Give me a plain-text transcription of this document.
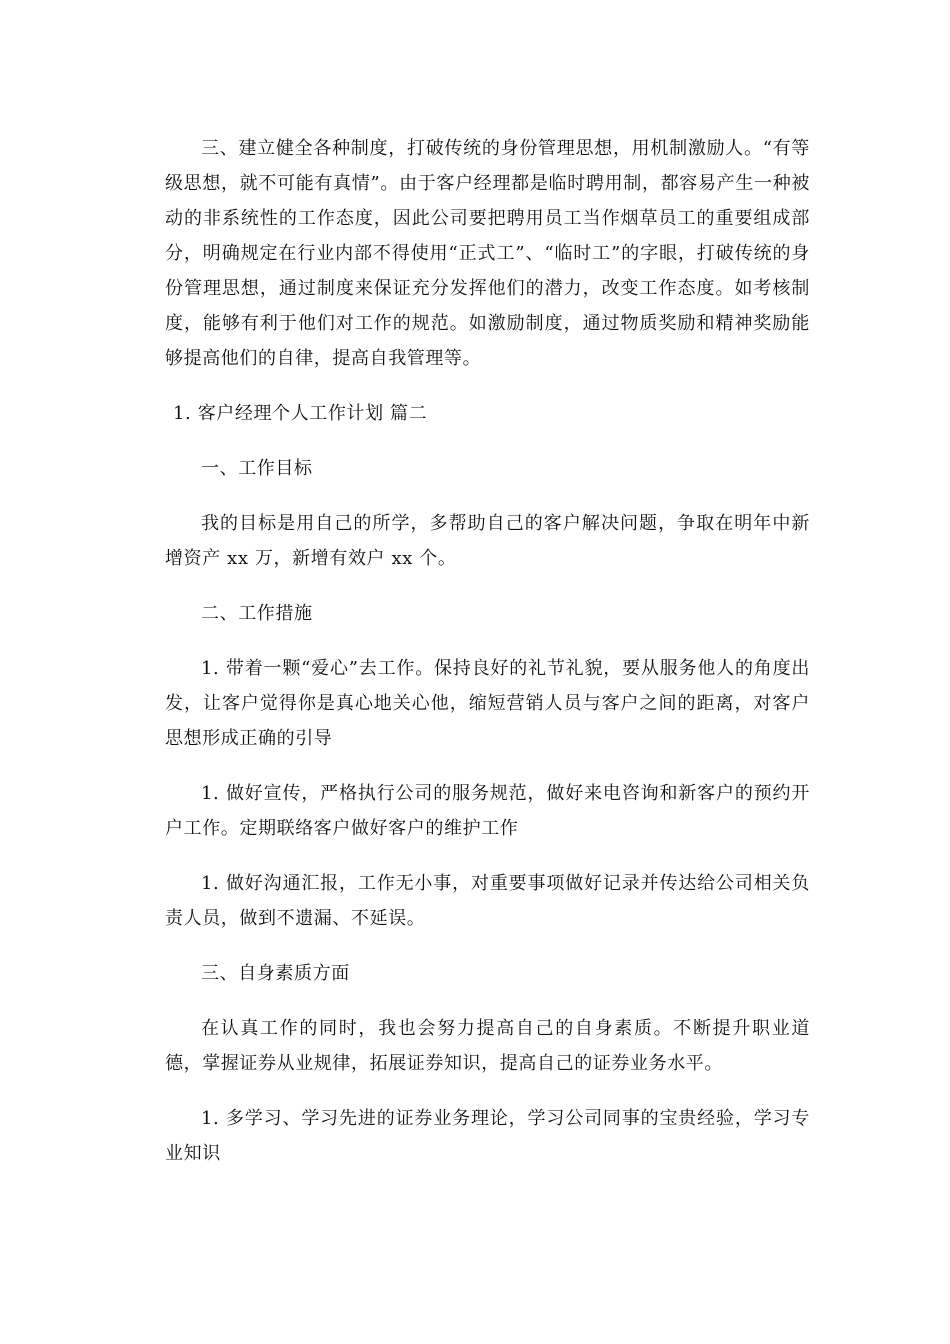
三、建立健全各种制度，打破传统的身份管理思想，用机制激励人。“有等级思想，就不可能有真情”。由于客户经理都是临时聘用制，都容易产生一种被动的非系统性的工作态度，因此公司要把聘用员工当作烟草员工的重要组成部分，明确规定在行业内部不得使用“正式工”、“临时工”的字眼，打破传统的身份管理思想，通过制度来保证充分发挥他们的潜力，改变工作态度。如考核制度，能够有利于他们对工作的规范。如激励制度，通过物质奖励和精神奖励能够提高他们的自律，提高自我管理等。

1. 客户经理个人工作计划 篇二

一、工作目标

我的目标是用自己的所学，多帮助自己的客户解决问题，争取在明年中新增资产 xx 万，新增有效户 xx 个。

二、工作措施

1. 带着一颗“爱心”去工作。保持良好的礼节礼貌，要从服务他人的角度出发，让客户觉得你是真心地关心他，缩短营销人员与客户之间的距离，对客户思想形成正确的引导

1. 做好宣传，严格执行公司的服务规范，做好来电咨询和新客户的预约开户工作。定期联络客户做好客户的维护工作

1. 做好沟通汇报，工作无小事，对重要事项做好记录并传达给公司相关负责人员，做到不遗漏、不延误。

三、自身素质方面

在认真工作的同时，我也会努力提高自己的自身素质。不断提升职业道德，掌握证券从业规律，拓展证券知识，提高自己的证券业务水平。

1. 多学习、学习先进的证券业务理论，学习公司同事的宝贵经验，学习专业知识
